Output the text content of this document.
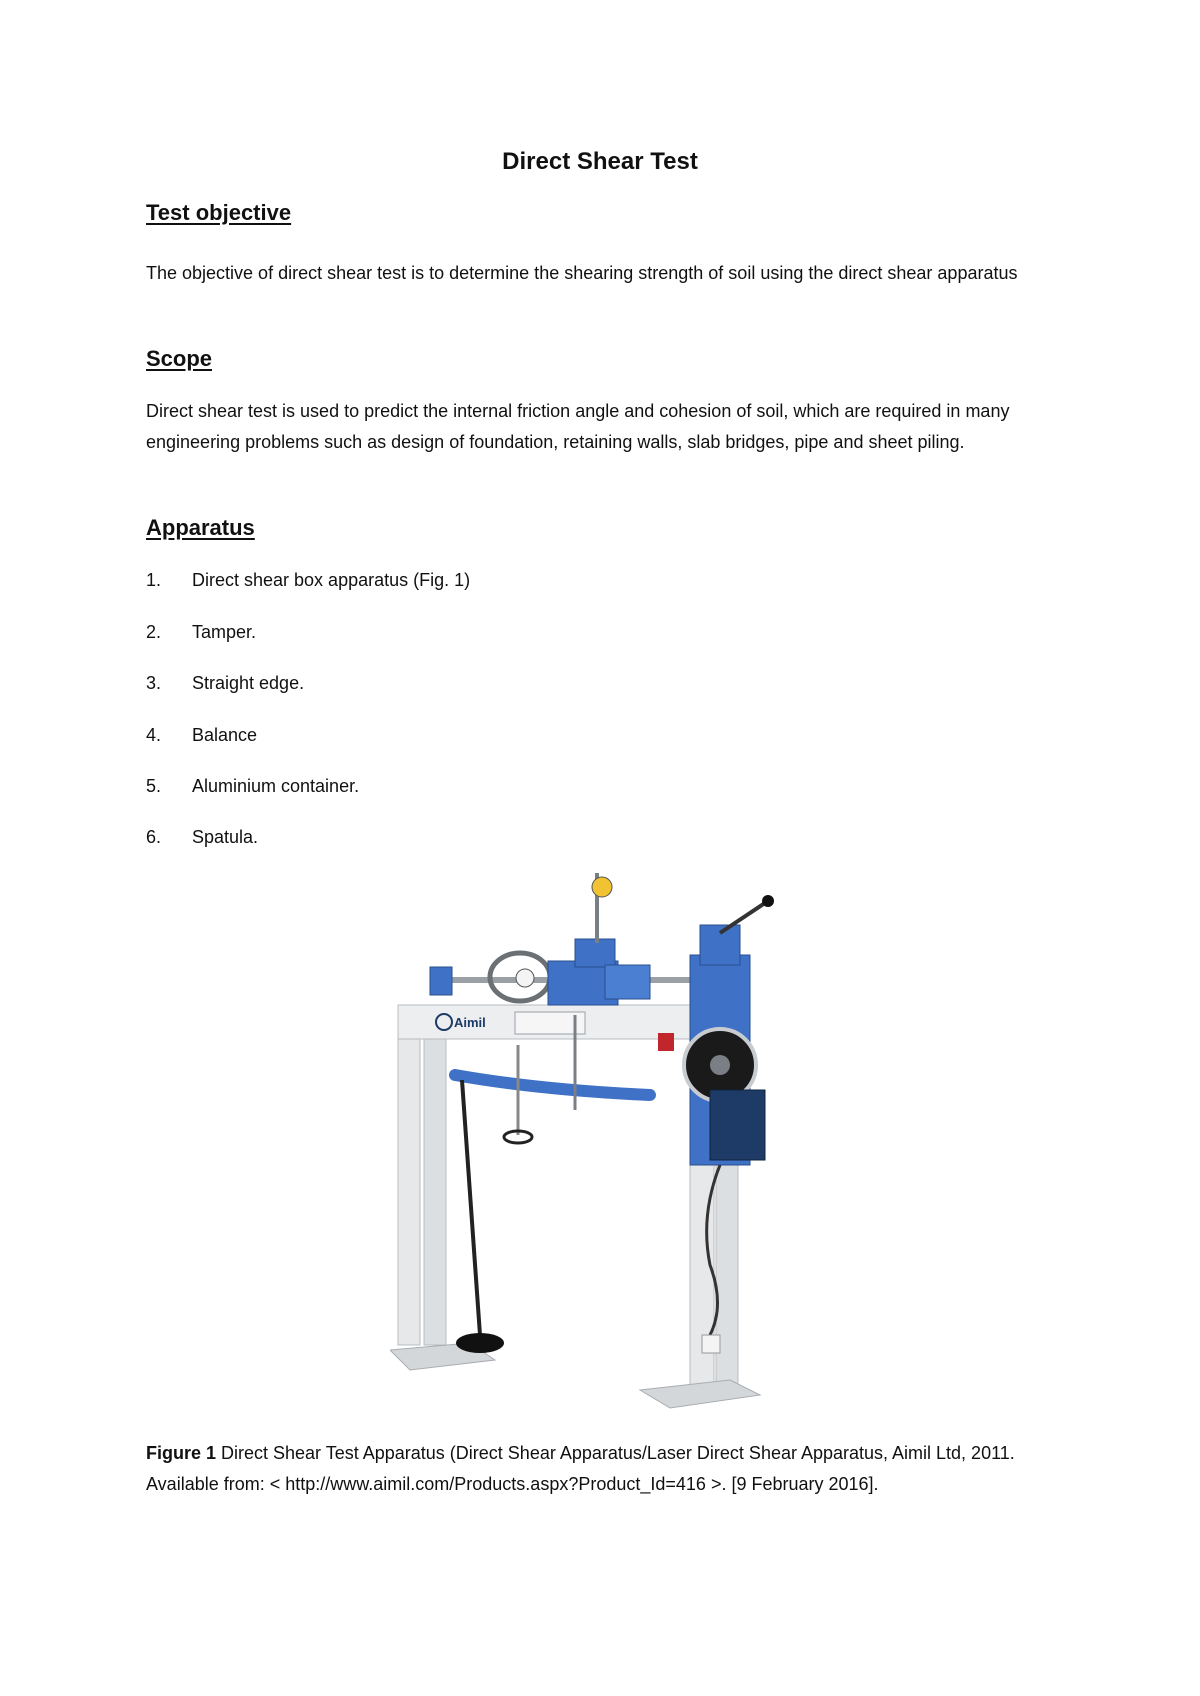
Direct Shear Test
Test objective
The objective of direct shear test is to determine the shearing strength of soil using the direct shear apparatus
Scope
Direct shear test is used to predict the internal friction angle and cohesion of soil, which are required in many engineering problems such as design of foundation, retaining walls, slab bridges, pipe and sheet piling.
Apparatus
1. Direct shear box apparatus (Fig. 1)
2. Tamper.
3. Straight edge.
4. Balance
5. Aluminium container.
6. Spatula.
Aimil
Figure 1 Direct Shear Test Apparatus (Direct Shear Apparatus/Laser Direct Shear Apparatus, Aimil Ltd, 2011. Available from: < http://www.aimil.com/Products.aspx?Product_Id=416 >. [9 February 2016].
